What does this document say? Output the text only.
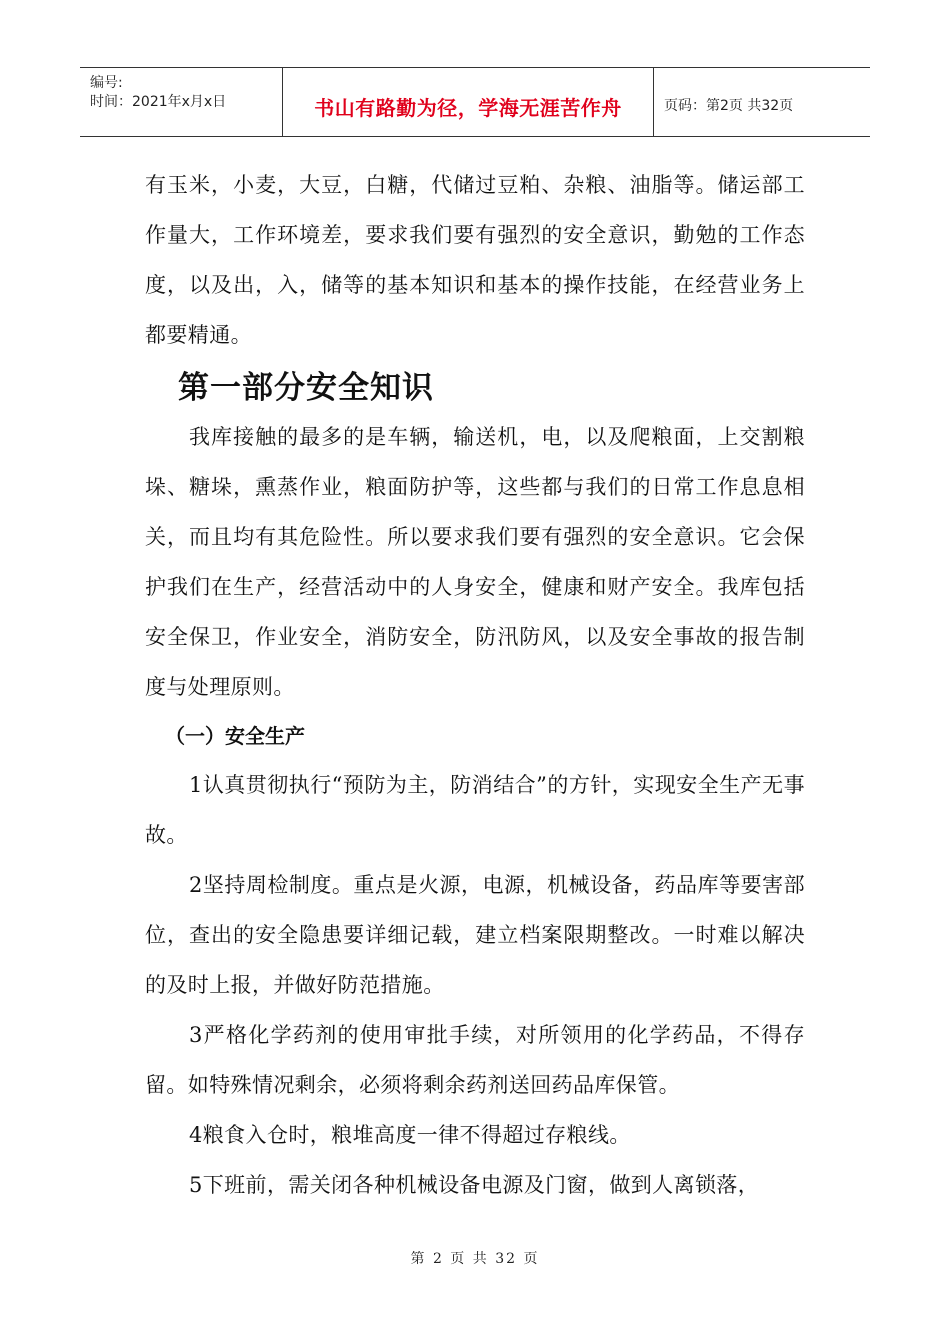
编号:
时间：2021年x月x日	书山有路勤为径，学海无涯苦作舟	页码：第2页 共32页

有玉米，小麦，大豆，白糖，代储过豆粕、杂粮、油脂等。储运部工作量大，工作环境差，要求我们要有强烈的安全意识，勤勉的工作态度，以及出，入，储等的基本知识和基本的操作技能，在经营业务上都要精通。

第一部分安全知识

我库接触的最多的是车辆，输送机，电，以及爬粮面，上交割粮垛、糖垛，熏蒸作业，粮面防护等，这些都与我们的日常工作息息相关，而且均有其危险性。所以要求我们要有强烈的安全意识。它会保护我们在生产，经营活动中的人身安全，健康和财产安全。我库包括安全保卫，作业安全，消防安全，防汛防风，以及安全事故的报告制度与处理原则。

（一）安全生产

1认真贯彻执行“预防为主，防消结合”的方针，实现安全生产无事故。

2坚持周检制度。重点是火源，电源，机械设备，药品库等要害部位，查出的安全隐患要详细记载，建立档案限期整改。一时难以解决的及时上报，并做好防范措施。

3严格化学药剂的使用审批手续，对所领用的化学药品，不得存留。如特殊情况剩余，必须将剩余药剂送回药品库保管。

4粮食入仓时，粮堆高度一律不得超过存粮线。

5下班前，需关闭各种机械设备电源及门窗，做到人离锁落，

第 2 页 共 32 页
